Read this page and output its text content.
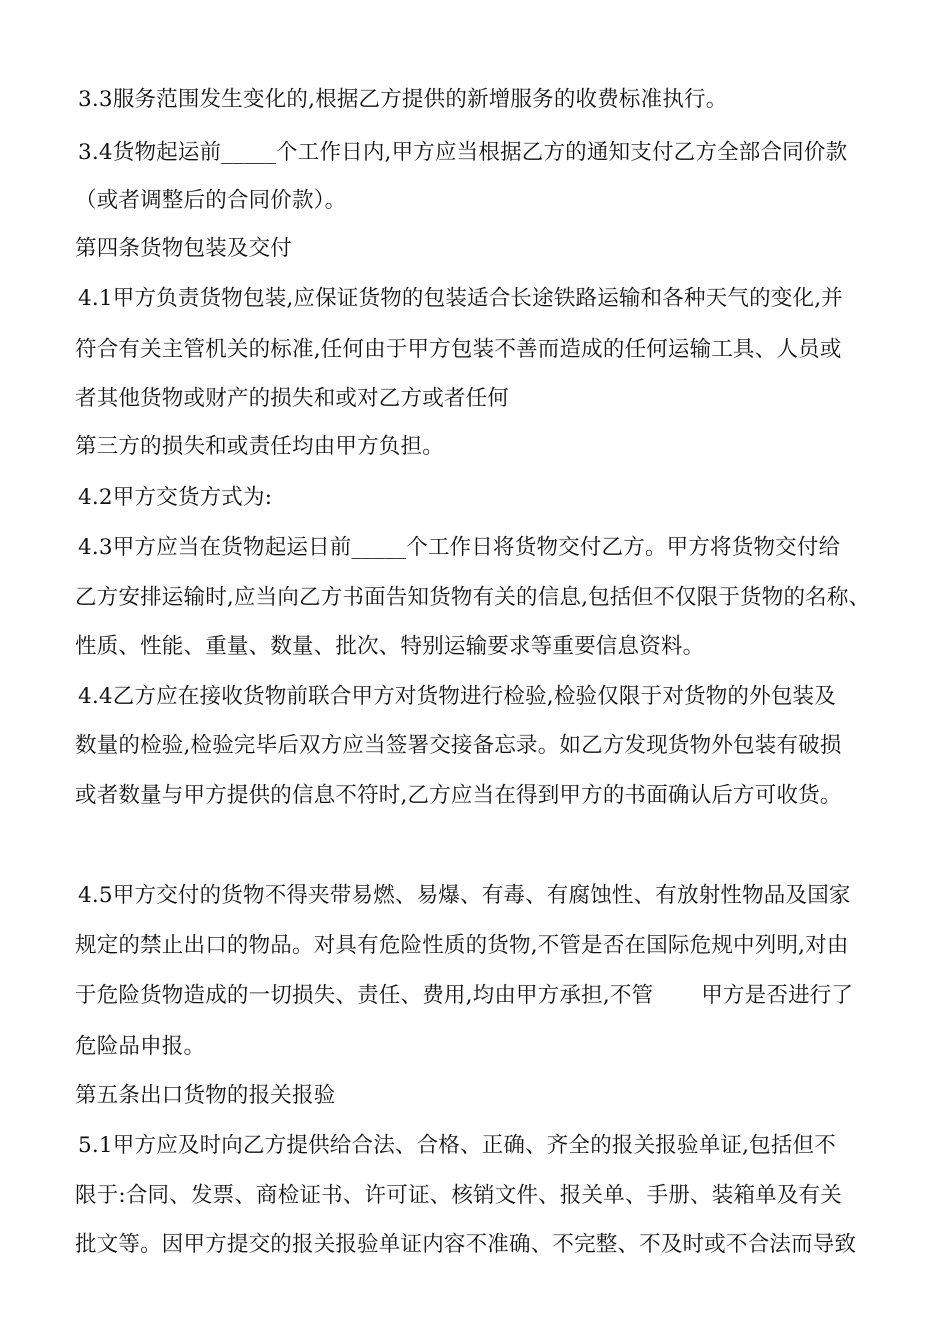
3.3服务范围发生变化的,根据乙方提供的新增服务的收费标准执行。

3.4货物起运前_____个工作日内,甲方应当根据乙方的通知支付乙方全部合同价款

（或者调整后的合同价款）。

第四条货物包装及交付

4.1甲方负责货物包装,应保证货物的包装适合长途铁路运输和各种天气的变化,并

符合有关主管机关的标准,任何由于甲方包装不善而造成的任何运输工具、人员或

者其他货物或财产的损失和或对乙方或者任何

第三方的损失和或责任均由甲方负担。

4.2甲方交货方式为:

4.3甲方应当在货物起运日前_____个工作日将货物交付乙方。甲方将货物交付给

乙方安排运输时,应当向乙方书面告知货物有关的信息,包括但不仅限于货物的名称、

性质、性能、重量、数量、批次、特别运输要求等重要信息资料。

4.4乙方应在接收货物前联合甲方对货物进行检验,检验仅限于对货物的外包装及

数量的检验,检验完毕后双方应当签署交接备忘录。如乙方发现货物外包装有破损

或者数量与甲方提供的信息不符时,乙方应当在得到甲方的书面确认后方可收货。

4.5甲方交付的货物不得夹带易燃、易爆、有毒、有腐蚀性、有放射性物品及国家

规定的禁止出口的物品。对具有危险性质的货物,不管是否在国际危规中列明,对由

于危险货物造成的一切损失、责任、费用,均由甲方承担,不管 甲方是否进行了

危险品申报。

第五条出口货物的报关报验

5.1甲方应及时向乙方提供给合法、合格、正确、齐全的报关报验单证,包括但不

限于:合同、发票、商检证书、许可证、核销文件、报关单、手册、装箱单及有关

批文等。因甲方提交的报关报验单证内容不准确、不完整、不及时或不合法而导致
